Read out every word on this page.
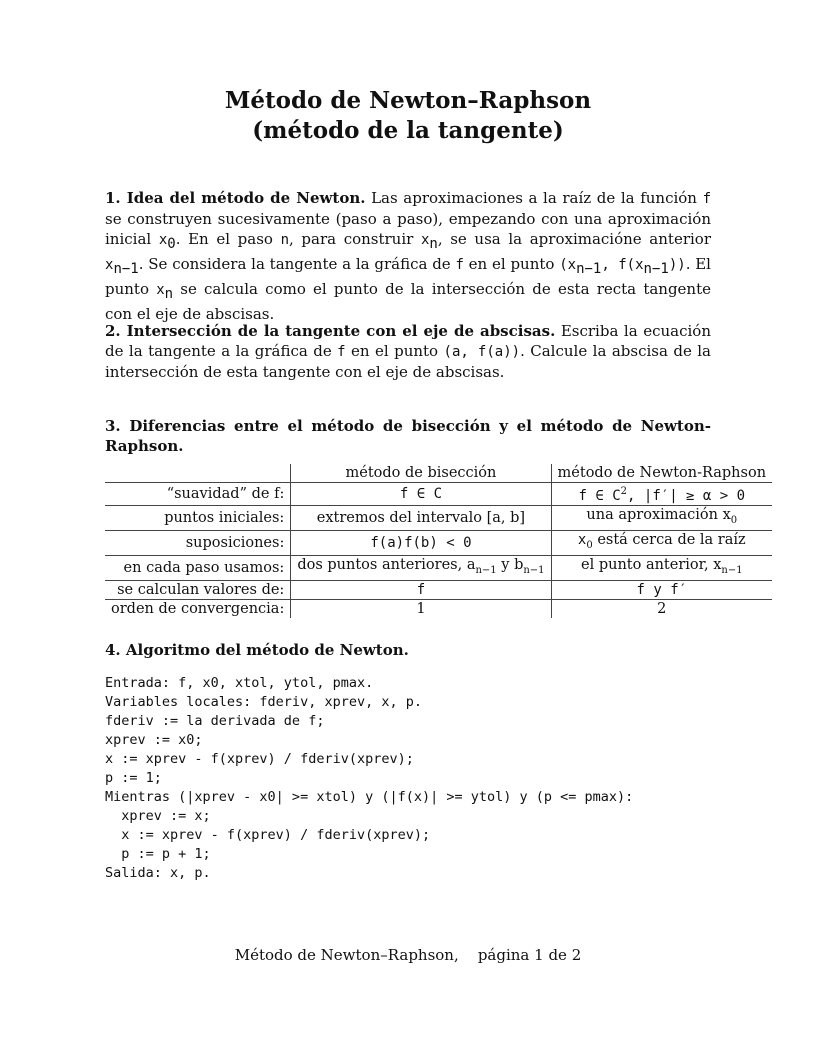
Método de Newton–Raphson
(método de la tangente)

1. Idea del método de Newton. Las aproximaciones a la raíz de la función f se construyen sucesivamente (paso a paso), empezando con una aproximación inicial $x_0$. En el paso n, para construir $x_n$, se usa la aproximacióne anterior $x_{n-1}$. Se considera la tangente a la gráfica de f en el punto ($x_{n-1}$, $f(x_{n-1})$). El punto $x_n$ se calcula como el punto de la intersección de esta recta tangente con el eje de abscisas.

2. Intersección de la tangente con el eje de abscisas. Escriba la ecuación de la tangente a la gráfica de f en el punto (a, f(a)). Calcule la abscisa de la intersección de esta tangente con el eje de abscisas.

3. Diferencias entre el método de bisección y el método de Newton-Raphson.

	método de bisección	método de Newton-Raphson
“suavidad” de f:	f ∈ C	f ∈ $C^2$, |f′| ≥ α > 0
puntos iniciales:	extremos del intervalo [a, b]	una aproximación $x_0$
suposiciones:	f(a)f(b) < 0	$x_0$ está cerca de la raíz
en cada paso usamos:	dos puntos anteriores, $a_{n-1}$ y $b_{n-1}$	el punto anterior, $x_{n-1}$
se calculan valores de:	f	f y f′
orden de convergencia:	1	2

4. Algoritmo del método de Newton.

Entrada: f, x0, xtol, ytol, pmax.
Variables locales: fderiv, xprev, x, p.
fderiv := la derivada de f;
xprev := x0;
x := xprev - f(xprev) / fderiv(xprev);
p := 1;
Mientras (|xprev - x0| >= xtol) y (|f(x)| >= ytol) y (p <= pmax):
xprev := x;
x := xprev - f(xprev) / fderiv(xprev);
p := p + 1;
Salida: x, p.
Método de Newton–Raphson, página 1 de 2
